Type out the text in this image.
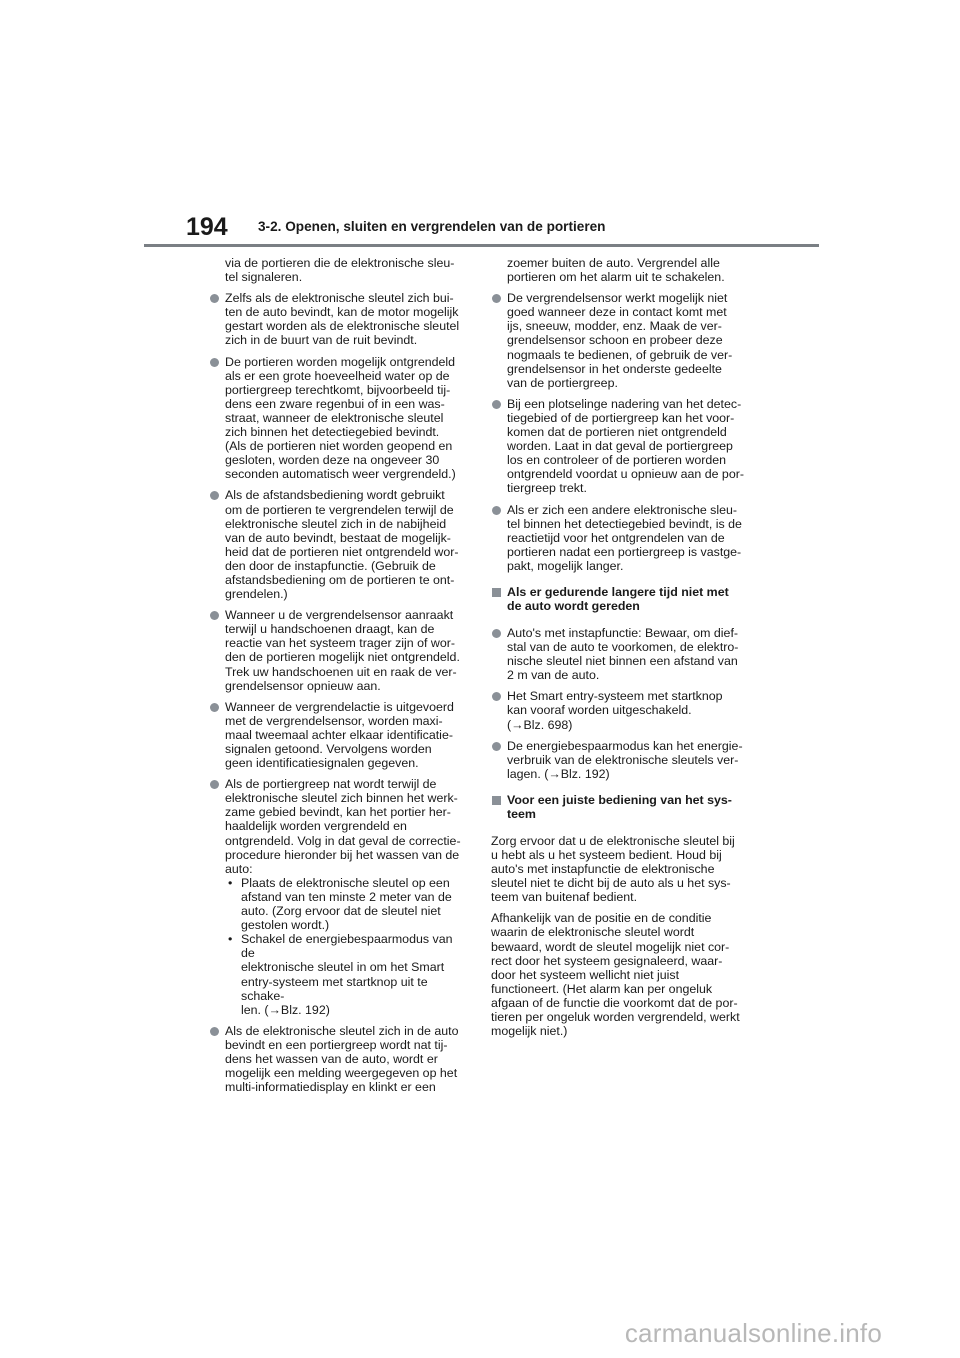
194 3-2. Openen, sluiten en vergrendelen van de portieren

via de portieren die de elektronische sleu-
tel signaleren.

Zelfs als de elektronische sleutel zich bui-
ten de auto bevindt, kan de motor mogelijk
gestart worden als de elektronische sleutel
zich in de buurt van de ruit bevindt.

De portieren worden mogelijk ontgrendeld
als er een grote hoeveelheid water op de
portiergreep terechtkomt, bijvoorbeeld tij-
dens een zware regenbui of in een was-
straat, wanneer de elektronische sleutel
zich binnen het detectiegebied bevindt.
(Als de portieren niet worden geopend en
gesloten, worden deze na ongeveer 30
seconden automatisch weer vergrendeld.)

Als de afstandsbediening wordt gebruikt
om de portieren te vergrendelen terwijl de
elektronische sleutel zich in de nabijheid
van de auto bevindt, bestaat de mogelijk-
heid dat de portieren niet ontgrendeld wor-
den door de instapfunctie. (Gebruik de
afstandsbediening om de portieren te ont-
grendelen.)

Wanneer u de vergrendelsensor aanraakt
terwijl u handschoenen draagt, kan de
reactie van het systeem trager zijn of wor-
den de portieren mogelijk niet ontgrendeld.
Trek uw handschoenen uit en raak de ver-
grendelsensor opnieuw aan.

Wanneer de vergrendelactie is uitgevoerd
met de vergrendelsensor, worden maxi-
maal tweemaal achter elkaar identificatie-
signalen getoond. Vervolgens worden
geen identificatiesignalen gegeven.

Als de portiergreep nat wordt terwijl de
elektronische sleutel zich binnen het werk-
zame gebied bevindt, kan het portier her-
haaldelijk worden vergrendeld en
ontgrendeld. Volg in dat geval de correctie-
procedure hieronder bij het wassen van de
auto:

• Plaats de elektronische sleutel op een
afstand van ten minste 2 meter van de
auto. (Zorg ervoor dat de sleutel niet
gestolen wordt.)

• Schakel de energiebespaarmodus van de
elektronische sleutel in om het Smart
entry-systeem met startknop uit te schake-
len. (→Blz. 192)

Als de elektronische sleutel zich in de auto
bevindt en een portiergreep wordt nat tij-
dens het wassen van de auto, wordt er
mogelijk een melding weergegeven op het
multi-informatiedisplay en klinkt er een

zoemer buiten de auto. Vergrendel alle
portieren om het alarm uit te schakelen.

De vergrendelsensor werkt mogelijk niet
goed wanneer deze in contact komt met
ijs, sneeuw, modder, enz. Maak de ver-
grendelsensor schoon en probeer deze
nogmaals te bedienen, of gebruik de ver-
grendelsensor in het onderste gedeelte
van de portiergreep.

Bij een plotselinge nadering van het detec-
tiegebied of de portiergreep kan het voor-
komen dat de portieren niet ontgrendeld
worden. Laat in dat geval de portiergreep
los en controleer of de portieren worden
ontgrendeld voordat u opnieuw aan de por-
tiergreep trekt.

Als er zich een andere elektronische sleu-
tel binnen het detectiegebied bevindt, is de
reactietijd voor het ontgrendelen van de
portieren nadat een portiergreep is vastge-
pakt, mogelijk langer.

Als er gedurende langere tijd niet met
de auto wordt gereden

Auto's met instapfunctie: Bewaar, om dief-
stal van de auto te voorkomen, de elektro-
nische sleutel niet binnen een afstand van
2 m van de auto.

Het Smart entry-systeem met startknop
kan vooraf worden uitgeschakeld.
(→Blz. 698)

De energiebespaarmodus kan het energie-
verbruik van de elektronische sleutels ver-
lagen. (→Blz. 192)

Voor een juiste bediening van het sys-
teem

Zorg ervoor dat u de elektronische sleutel bij
u hebt als u het systeem bedient. Houd bij
auto's met instapfunctie de elektronische
sleutel niet te dicht bij de auto als u het sys-
teem van buitenaf bedient.

Afhankelijk van de positie en de conditie
waarin de elektronische sleutel wordt
bewaard, wordt de sleutel mogelijk niet cor-
rect door het systeem gesignaleerd, waar-
door het systeem wellicht niet juist
functioneert. (Het alarm kan per ongeluk
afgaan of de functie die voorkomt dat de por-
tieren per ongeluk worden vergrendeld, werkt
mogelijk niet.)

carmanualsonline.info
